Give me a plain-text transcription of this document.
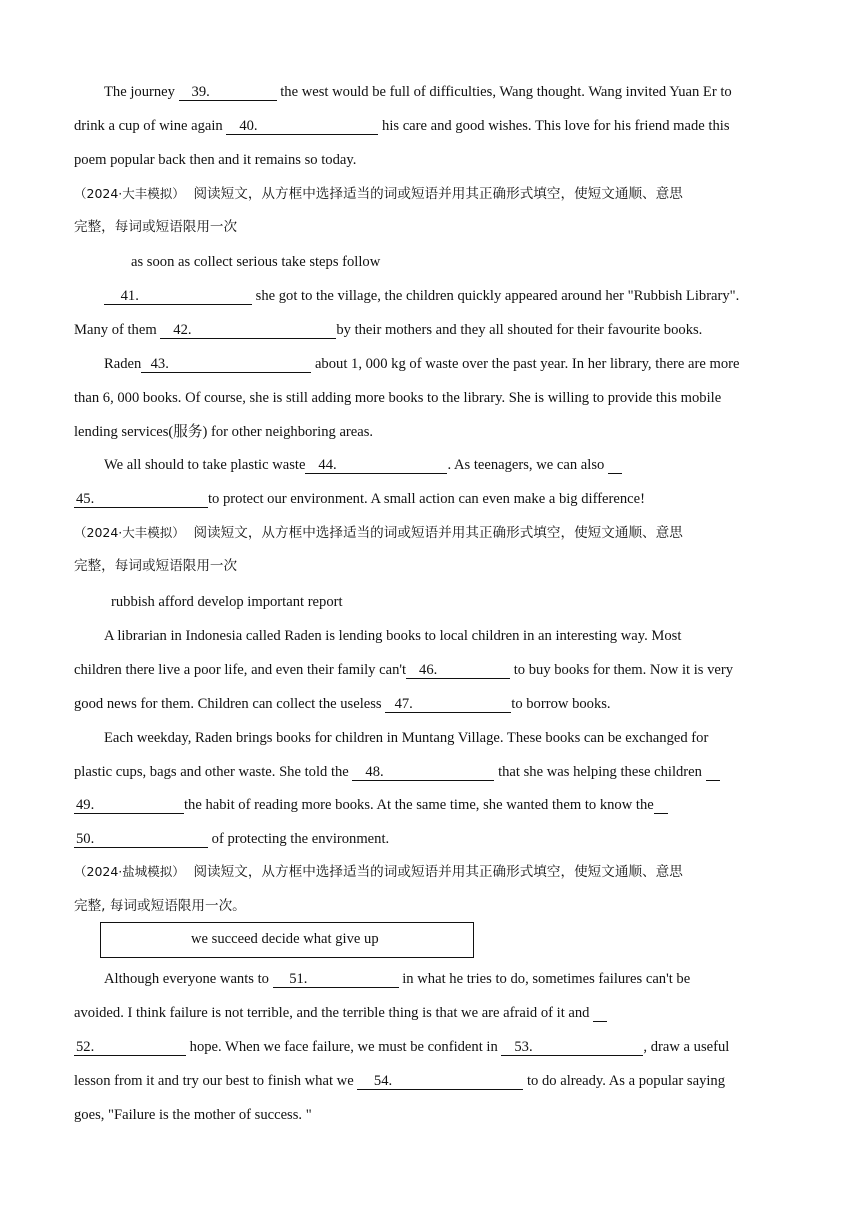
The journey    39.	the west would be full of difficulties, Wang thought. Wang invited Yuan Er to
drink a cup of wine again    40.	his care and good wishes. This love for his friend made this
poem popular back then and it remains so today.
（2024·大丰模拟） 阅读短文，从方框中选择适当的词或短语并用其正确形式填空，使短文通顺、意思
完整，每词或短语限用一次
as soon as collect serious take steps follow
41.	she got to the village, the children quickly appeared around her "Rubbish Library".
Many of them    42.	by their mothers and they all shouted for their favourite books.
Raden 43.	about 1, 000 kg of waste over the past year. In her library, there are more
than 6, 000 books. Of course, she is still adding more books to the library. She is willing to provide this mobile
lending services(服务) for other neighboring areas.
We all should to take plastic waste 44.	. As teenagers, we can also
45.	to protect our environment. A small action can even make a big difference!
（2024·大丰模拟） 阅读短文，从方框中选择适当的词或短语并用其正确形式填空，使短文通顺、意思
完整，每词或短语限用一次
rubbish afford develop important report
A librarian in Indonesia called Raden is lending books to local children in an interesting way. Most
children there live a poor life, and even their family can't 46.	to buy books for them. Now it is very
good news for them. Children can collect the useless   47.	to borrow books.
Each weekday, Raden brings books for children in Muntang Village. These books can be exchanged for
plastic cups, bags and other waste. She told the    48.	that she was helping these children
49.	the habit of reading more books. At the same time, she wanted them to know the
50.	of protecting the environment.
（2024·盐城模拟） 阅读短文，从方框中选择适当的词或短语并用其正确形式填空，使短文通顺、意思
完整, 每词或短语限用一次。
we succeed decide what give up
Although everyone wants to     51.	in what he tries to do, sometimes failures can't be
avoided. I think failure is not terrible, and the terrible thing is that we are afraid of it and
52.	hope. When we face failure, we must be confident in    53.	, draw a useful
lesson from it and try our best to finish what we     54.	to do already. As a popular saying
goes, "Failure is the mother of success. "
